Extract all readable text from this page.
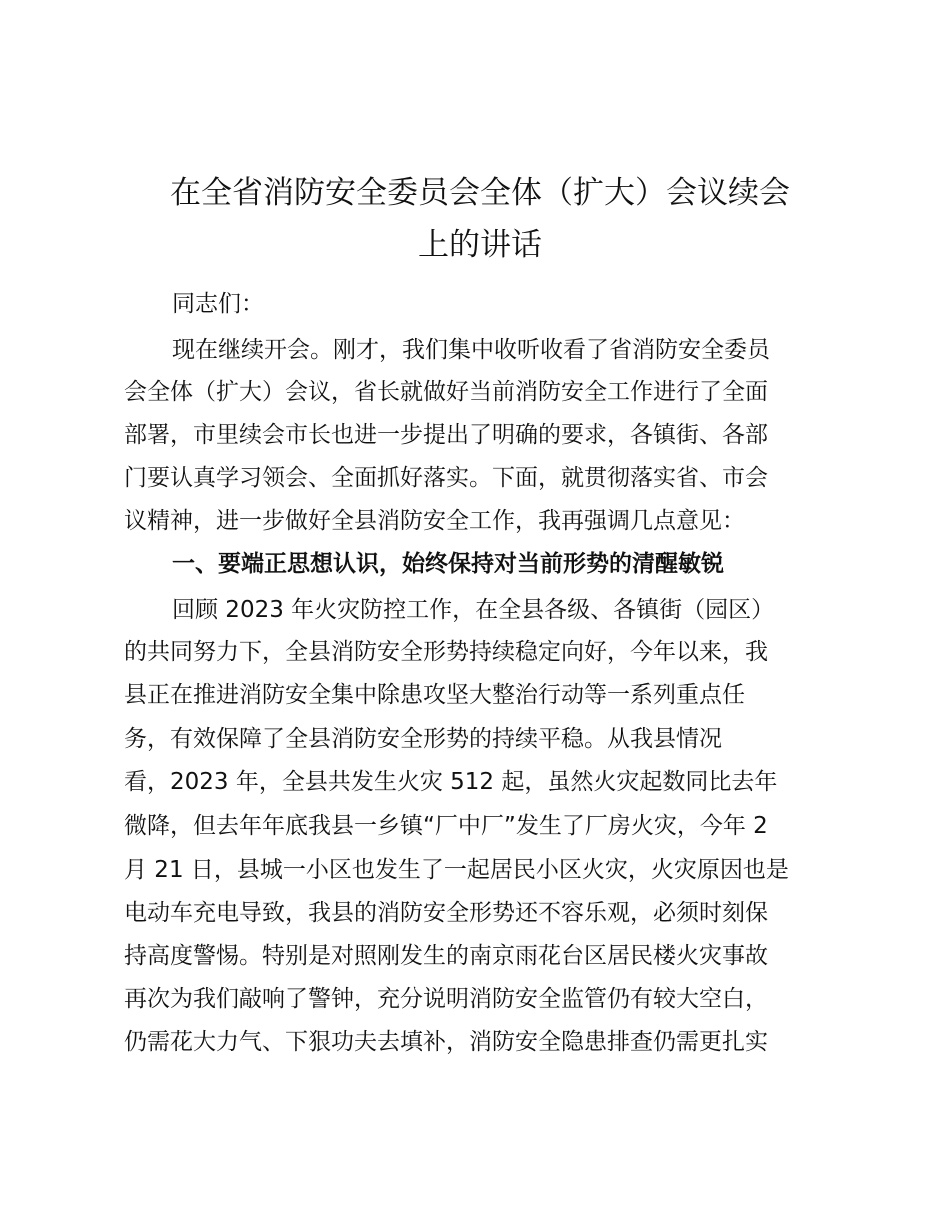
在全省消防安全委员会全体（扩大）会议续会
上的讲话

同志们：

现在继续开会。刚才，我们集中收听收看了省消防安全委员

会全体（扩大）会议，省长就做好当前消防安全工作进行了全面

部署，市里续会市长也进一步提出了明确的要求，各镇街、各部

门要认真学习领会、全面抓好落实。下面，就贯彻落实省、市会

议精神，进一步做好全县消防安全工作，我再强调几点意见：

一、要端正思想认识，始终保持对当前形势的清醒敏锐

回顾 2023 年火灾防控工作，在全县各级、各镇街（园区）

的共同努力下，全县消防安全形势持续稳定向好，今年以来，我

县正在推进消防安全集中除患攻坚大整治行动等一系列重点任

务，有效保障了全县消防安全形势的持续平稳。从我县情况

看，2023 年，全县共发生火灾 512 起，虽然火灾起数同比去年

微降，但去年年底我县一乡镇“厂中厂”发生了厂房火灾，今年 2

月 21 日，县城一小区也发生了一起居民小区火灾，火灾原因也是

电动车充电导致，我县的消防安全形势还不容乐观，必须时刻保

持高度警惕。特别是对照刚发生的南京雨花台区居民楼火灾事故

再次为我们敲响了警钟，充分说明消防安全监管仍有较大空白，

仍需花大力气、下狠功夫去填补，消防安全隐患排查仍需更扎实
